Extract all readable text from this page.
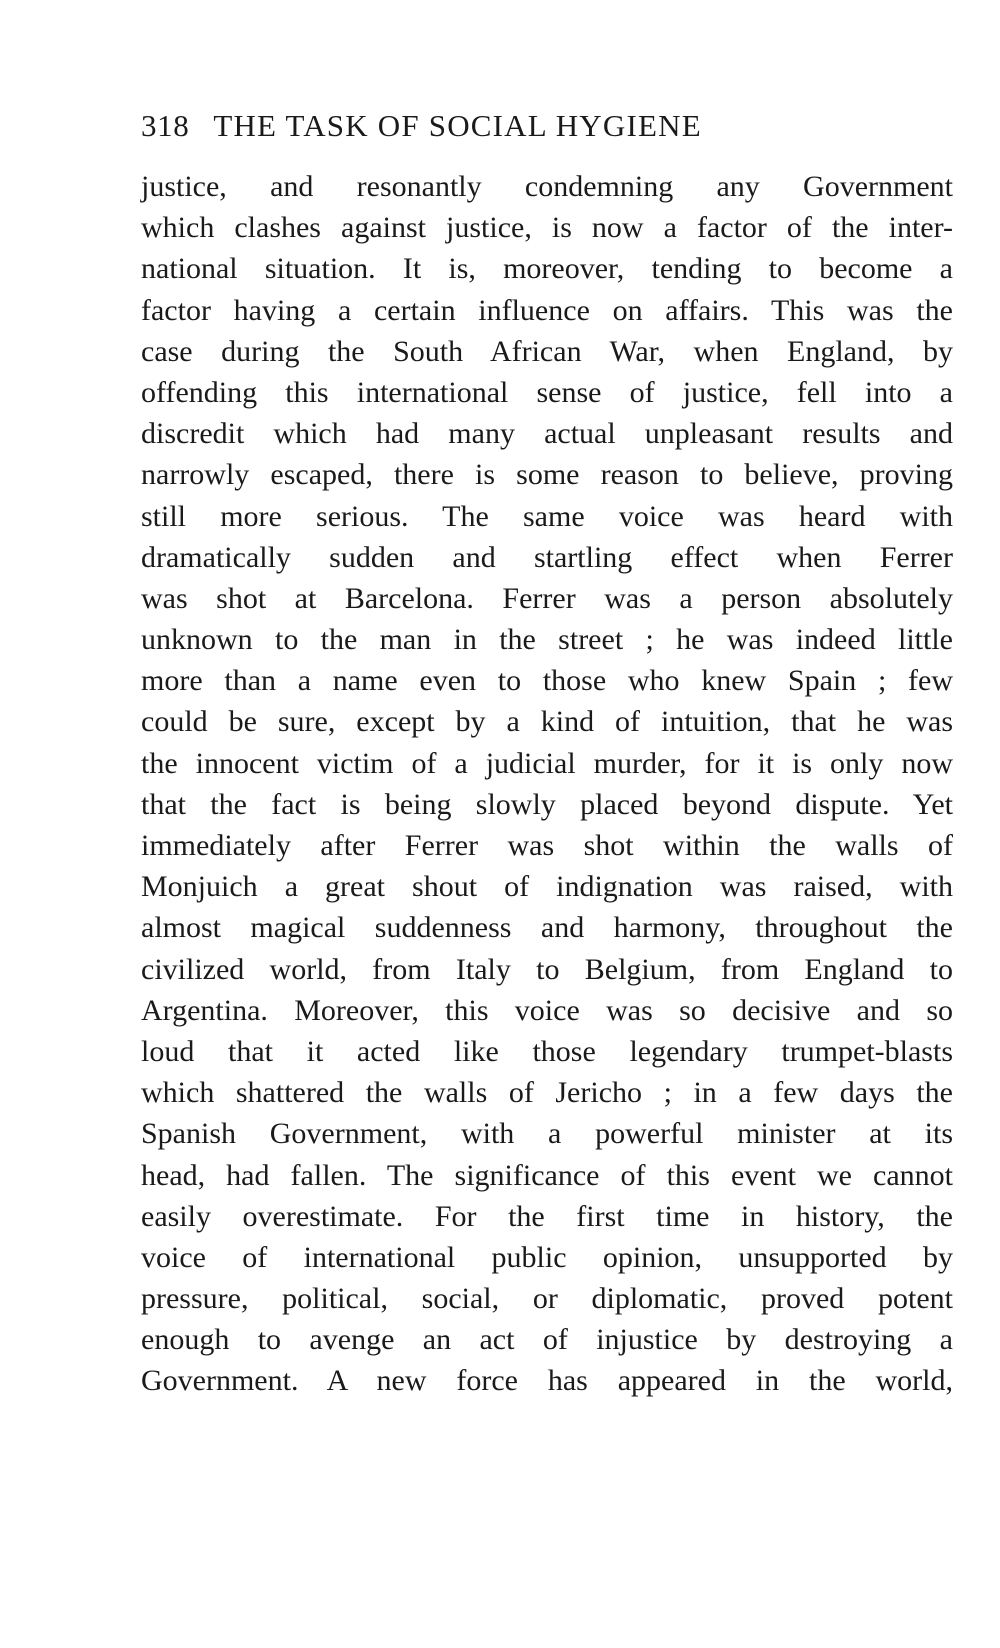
318 THE TASK OF SOCIAL HYGIENE
justice, and resonantly condemning any Government
which clashes against justice, is now a factor of the inter-
national situation. It is, moreover, tending to become a
factor having a certain influence on affairs. This was the
case during the South African War, when England, by
offending this international sense of justice, fell into a
discredit which had many actual unpleasant results and
narrowly escaped, there is some reason to believe, proving
still more serious. The same voice was heard with
dramatically sudden and startling effect when Ferrer
was shot at Barcelona. Ferrer was a person absolutely
unknown to the man in the street ; he was indeed little
more than a name even to those who knew Spain ; few
could be sure, except by a kind of intuition, that he was
the innocent victim of a judicial murder, for it is only now
that the fact is being slowly placed beyond dispute. Yet
immediately after Ferrer was shot within the walls of
Monjuich a great shout of indignation was raised, with
almost magical suddenness and harmony, throughout the
civilized world, from Italy to Belgium, from England to
Argentina. Moreover, this voice was so decisive and so
loud that it acted like those legendary trumpet-blasts
which shattered the walls of Jericho ; in a few days the
Spanish Government, with a powerful minister at its
head, had fallen. The significance of this event we cannot
easily overestimate. For the first time in history, the
voice of international public opinion, unsupported by
pressure, political, social, or diplomatic, proved potent
enough to avenge an act of injustice by destroying a
Government. A new force has appeared in the world,
